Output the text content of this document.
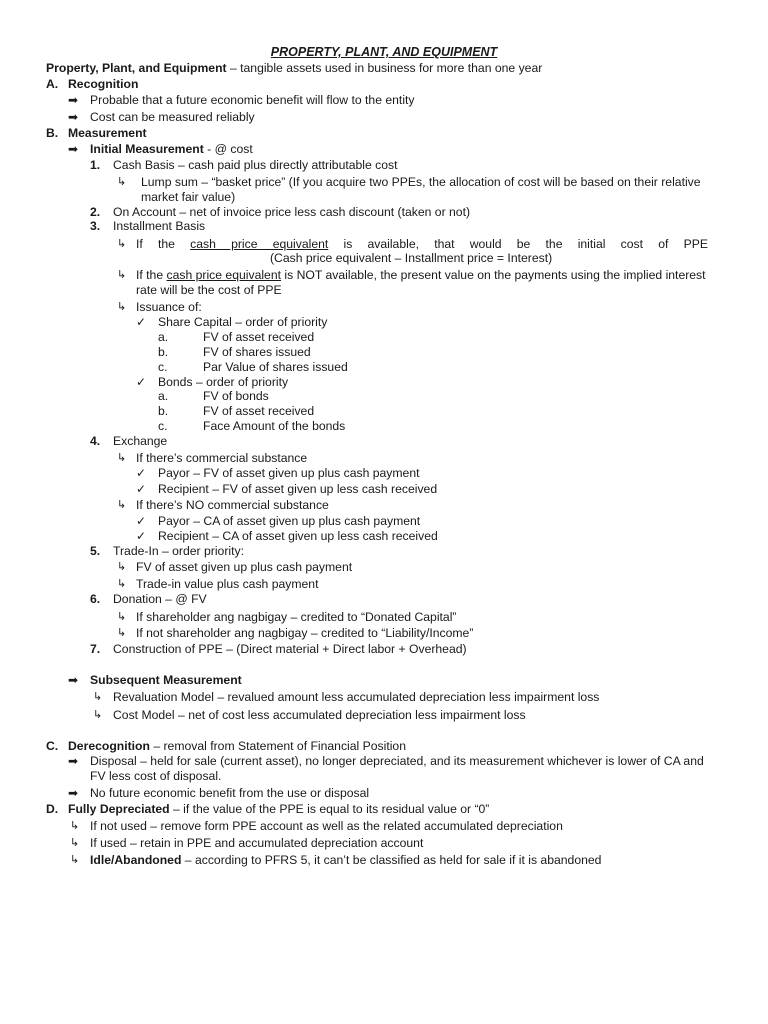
PROPERTY, PLANT, AND EQUIPMENT
Property, Plant, and Equipment – tangible assets used in business for more than one year
A. Recognition
➡ Probable that a future economic benefit will flow to the entity
➡ Cost can be measured reliably
B. Measurement
➡ Initial Measurement - @ cost
1. Cash Basis – cash paid plus directly attributable cost
↳ Lump sum – “basket price” (If you acquire two PPEs, the allocation of cost will be based on their relative
market fair value)
2. On Account – net of invoice price less cash discount (taken or not)
3. Installment Basis
↳ If the cash price equivalent is available, that would be the initial cost of PPE
(Cash price equivalent – Installment price = Interest)
↳ If the cash price equivalent is NOT available, the present value on the payments using the implied interest
rate will be the cost of PPE
↳ Issuance of:
✓ Share Capital – order of priority
a.	FV of asset received
b.	FV of shares issued
c.	Par Value of shares issued
✓ Bonds – order of priority
a.	FV of bonds
b.	FV of asset received
c.	Face Amount of the bonds
4. Exchange
↳ If there’s commercial substance
✓ Payor – FV of asset given up plus cash payment
✓ Recipient – FV of asset given up less cash received
↳ If there’s NO commercial substance
✓ Payor – CA of asset given up plus cash payment
✓ Recipient – CA of asset given up less cash received
5. Trade-In – order priority:
↳ FV of asset given up plus cash payment
↳ Trade-in value plus cash payment
6. Donation – @ FV
↳ If shareholder ang nagbigay – credited to “Donated Capital”
↳ If not shareholder ang nagbigay – credited to “Liability/Income”
7. Construction of PPE – (Direct material + Direct labor + Overhead)
➡ Subsequent Measurement
↳ Revaluation Model – revalued amount less accumulated depreciation less impairment loss
↳ Cost Model – net of cost less accumulated depreciation less impairment loss
C. Derecognition – removal from Statement of Financial Position
➡ Disposal – held for sale (current asset), no longer depreciated, and its measurement whichever is lower of CA and
FV less cost of disposal.
➡ No future economic benefit from the use or disposal
D. Fully Depreciated – if the value of the PPE is equal to its residual value or “0”
↳ If not used – remove form PPE account as well as the related accumulated depreciation
↳ If used – retain in PPE and accumulated depreciation account
↳ Idle/Abandoned – according to PFRS 5, it can’t be classified as held for sale if it is abandoned
